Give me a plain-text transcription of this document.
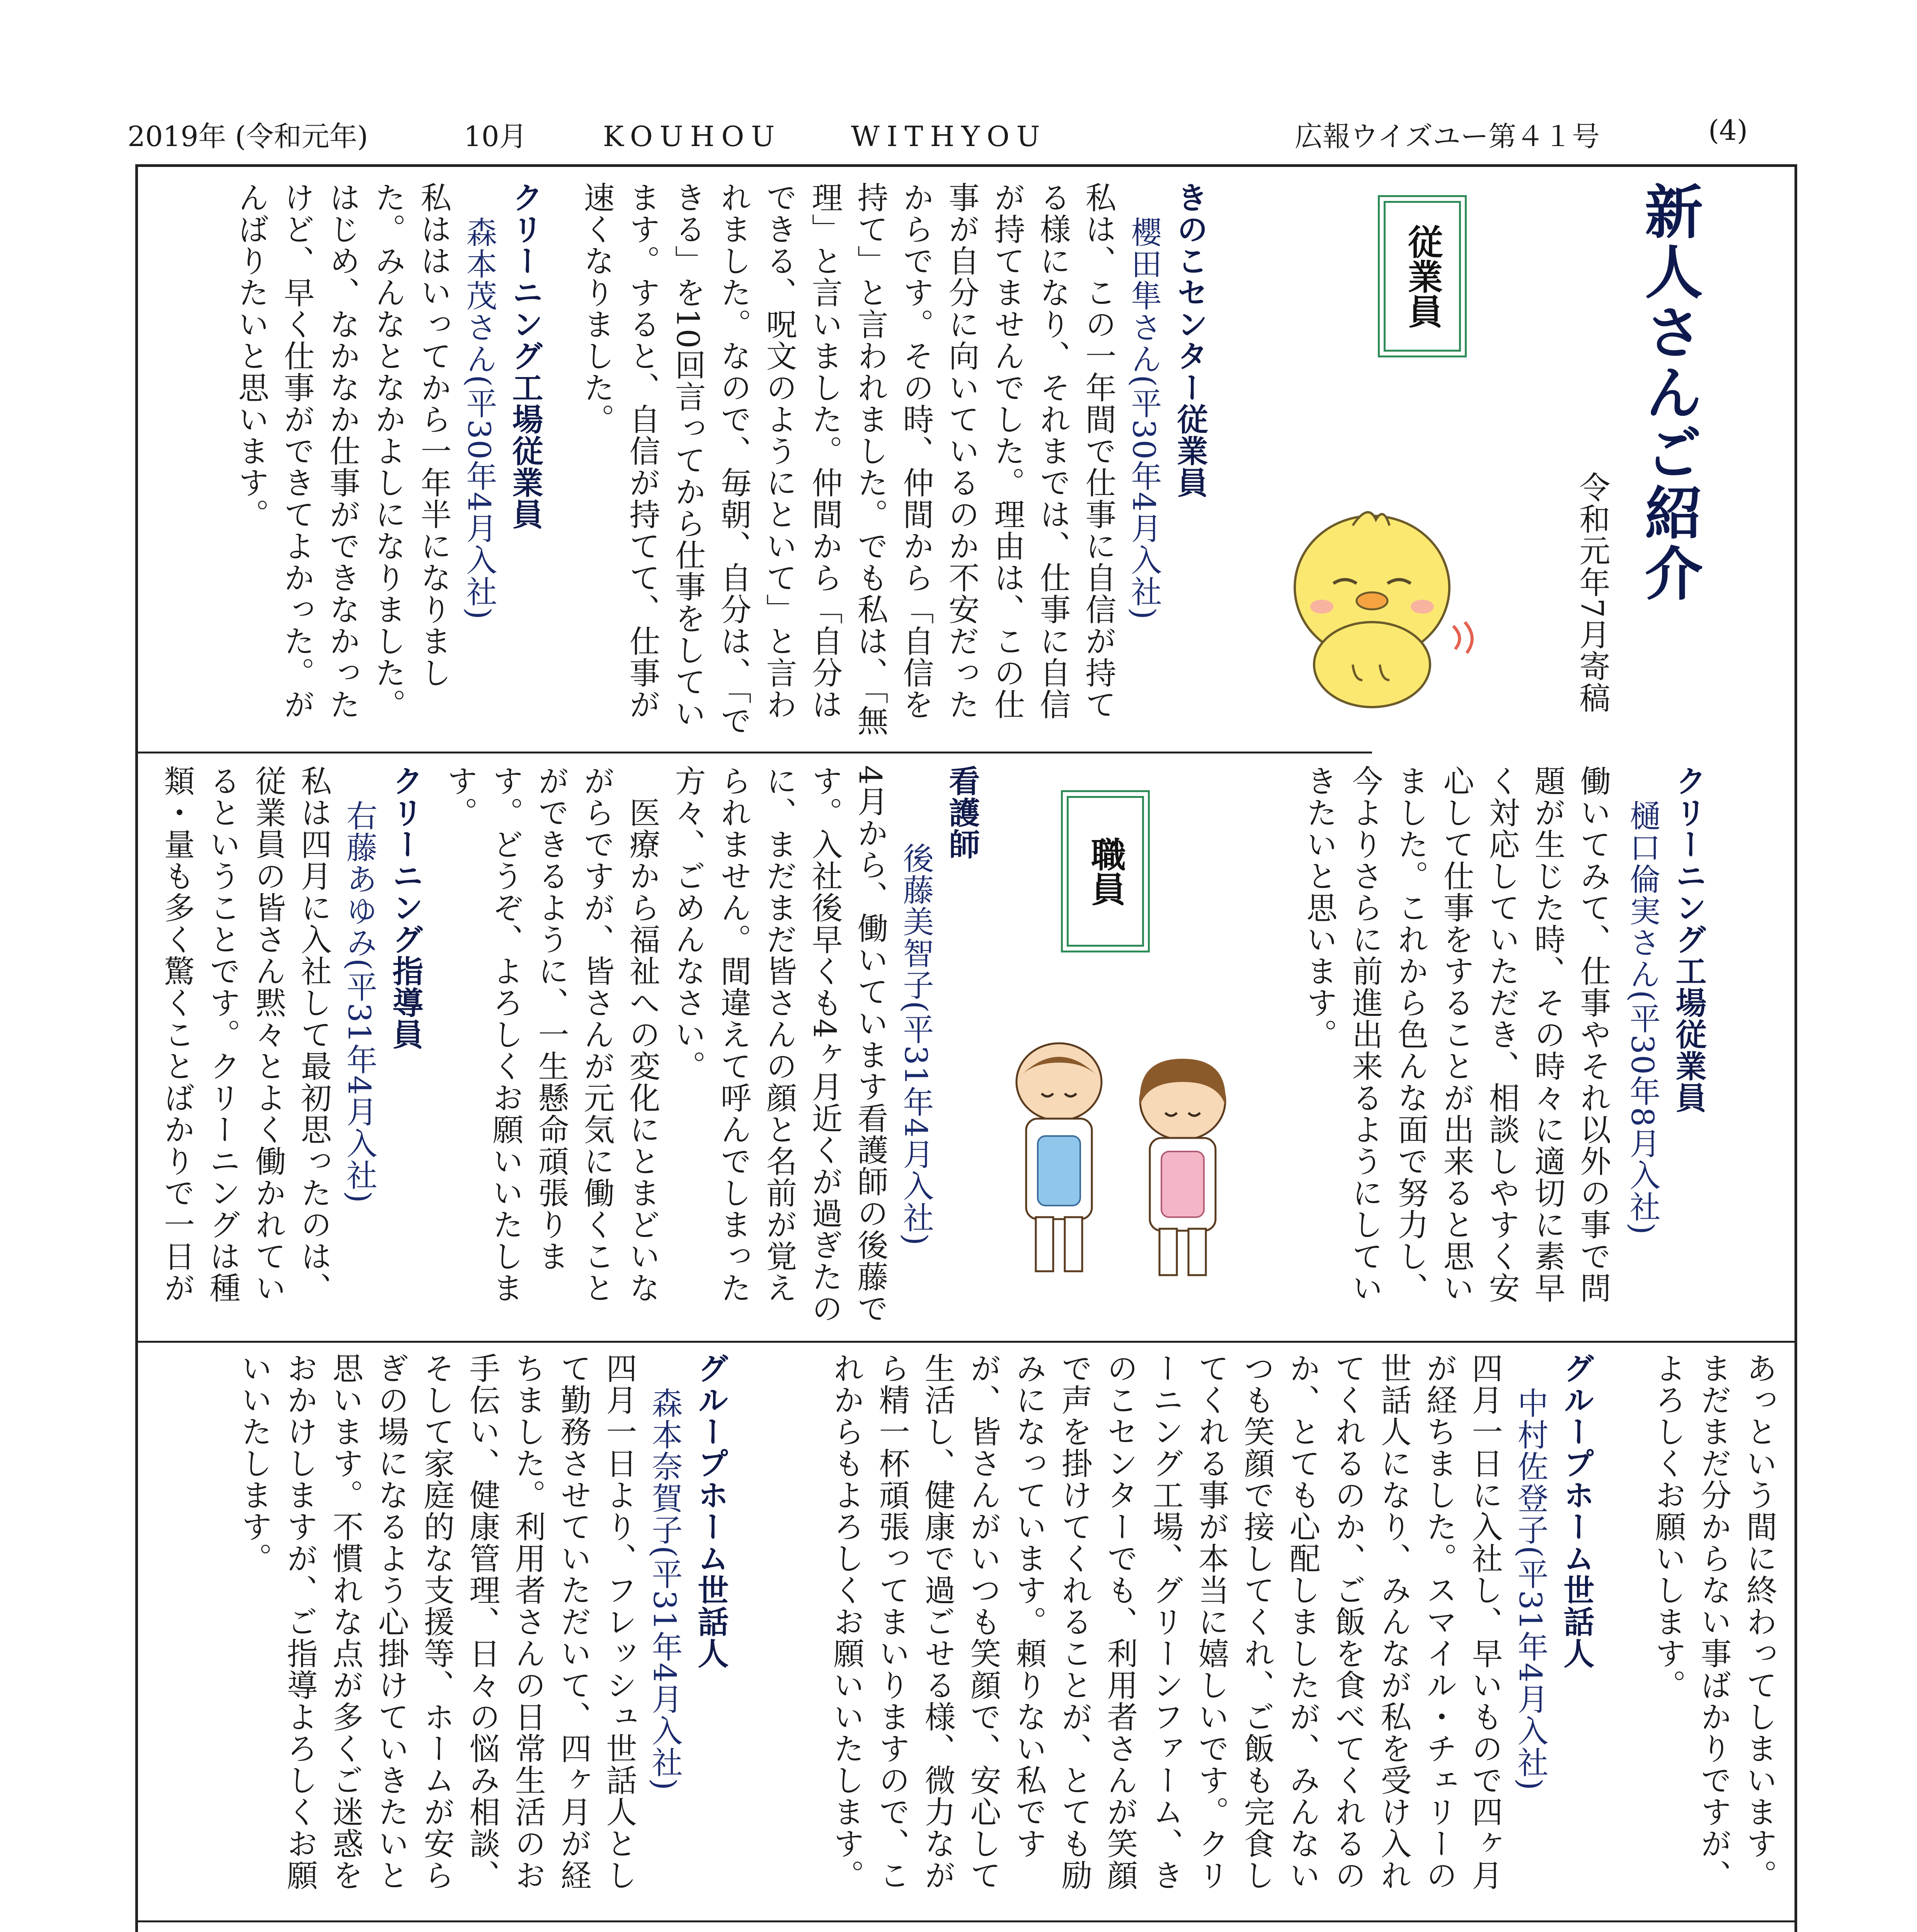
2019年 (令和元年)	10月	KOUHOU　　WITHYOU	広報ウイズユー第４１号	(4)
新人さんご紹介
令和元年7月寄稿
従業員
職員
きのこセンター従業員
櫻田隼さん(平30年4月入社)
私は、この一年間で仕事に自信が持てる様になり、それまでは、仕事に自信が持てませんでした。理由は、この仕事が自分に向いているのか不安だったからです。その時、仲間から「自信を持て」と言われました。でも私は、「無理」と言いました。仲間から「自分はできる、呪文のようにといて」と言われました。なので、毎朝、自分は、「できる」を10回言ってから仕事をしています。すると、自信が持てて、仕事が速くなりました。
クリーニング工場従業員
森本茂さん(平30年4月入社)
私ははいってから一年半になりました。みんなとなかよしになりました。はじめ、なかなか仕事ができなかったけど、早く仕事ができてよかった。がんばりたいと思います。
クリーニング工場従業員
樋口倫実さん(平30年8月入社)
働いてみて、仕事やそれ以外の事で問題が生じた時、その時々に適切に素早く対応していただき、相談しやすく安心して仕事をすることが出来ると思いました。これから色んな面で努力し、今よりさらに前進出来るようにしていきたいと思います。
看護師
後藤美智子(平31年4月入社)
4月から、働いています看護師の後藤です。入社後早くも4ヶ月近くが過ぎたのに、まだまだ皆さんの顔と名前が覚えられません。間違えて呼んでしまった方々、ごめんなさい。
　医療から福祉への変化にとまどいながらですが、皆さんが元気に働くことができるように、一生懸命頑張ります。どうぞ、よろしくお願いいたします。
クリーニング指導員
右藤あゆみ(平31年4月入社)
私は四月に入社して最初思ったのは、従業員の皆さん黙々とよく働かれているということです。クリーニングは種類・量も多く驚くことばかりで一日が
あっという間に終わってしまいます。まだまだ分からない事ばかりですが、よろしくお願いします。
グループホーム世話人
中村佐登子(平31年4月入社)
四月一日に入社し、早いもので四ヶ月が経ちました。スマイル・チェリーの世話人になり、みんなが私を受け入れてくれるのか、ご飯を食べてくれるのか、とても心配しましたが、みんないつも笑顔で接してくれ、ご飯も完食してくれる事が本当に嬉しいです。クリーニング工場、グリーンファーム、きのこセンターでも、利用者さんが笑顔で声を掛けてくれることが、とても励みになっています。頼りない私ですが、皆さんがいつも笑顔で、安心して生活し、健康で過ごせる様、微力ながら精一杯頑張ってまいりますので、これからもよろしくお願いいたします。
グループホーム世話人
森本奈賀子(平31年4月入社)
四月一日より、フレッシュ世話人として勤務させていただいて、四ヶ月が経ちました。利用者さんの日常生活のお手伝い、健康管理、日々の悩み相談、そして家庭的な支援等、ホームが安らぎの場になるよう心掛けていきたいと思います。不慣れな点が多くご迷惑をおかけしますが、ご指導よろしくお願いいたします。
